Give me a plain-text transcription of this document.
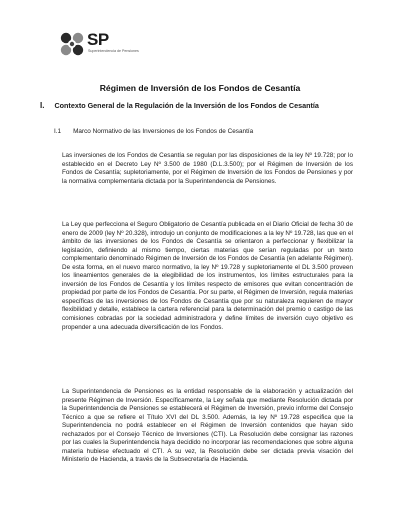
SP
Superintendencia de Pensiones
Régimen de Inversión de los Fondos de Cesantía
I. Contexto General de la Regulación de la Inversión de los Fondos de Cesantía
I.1 Marco Normativo de las Inversiones de los Fondos de Cesantía

Las inversiones de los Fondos de Cesantía se regulan por las disposiciones de la ley Nº 19.728; por lo establecido en el Decreto Ley Nº 3.500 de 1980 (D.L.3.500); por el Régimen de Inversión de los Fondos de Cesantía; supletoriamente, por el Régimen de Inversión de los Fondos de Pensiones y por la normativa complementaria dictada por la Superintendencia de Pensiones.

La Ley que perfecciona el Seguro Obligatorio de Cesantía publicada en el Diario Oficial de fecha 30 de enero de 2009 (ley Nº 20.328), introdujo un conjunto de modificaciones a la ley Nº 19.728, las que en el ámbito de las inversiones de los Fondos de Cesantía se orientaron a perfeccionar y flexibilizar la legislación, definiendo al mismo tiempo, ciertas materias que serían reguladas por un texto complementario denominado Régimen de Inversión de los Fondos de Cesantía (en adelante Régimen). De esta forma, en el nuevo marco normativo, la ley Nº 19.728 y supletoriamente el DL 3.500 proveen los lineamientos generales de la elegibilidad de los instrumentos, los límites estructurales para la inversión de los Fondos de Cesantía y los límites respecto de emisores que evitan concentración de propiedad por parte de los Fondos de Cesantía. Por su parte, el Régimen de Inversión, regula materias específicas de las inversiones de los Fondos de Cesantía que por su naturaleza requieren de mayor flexibilidad y detalle, establece la cartera referencial para la determinación del premio o castigo de las comisiones cobradas por la sociedad administradora y define límites de inversión cuyo objetivo es propender a una adecuada diversificación de los Fondos.

La Superintendencia de Pensiones es la entidad responsable de la elaboración y actualización del presente Régimen de Inversión. Específicamente, la Ley señala que mediante Resolución dictada por la Superintendencia de Pensiones se establecerá el Régimen de Inversión, previo informe del Consejo Técnico a que se refiere el Título XVI del DL 3.500. Además, la ley Nº 19.728 especifica que la Superintendencia no podrá establecer en el Régimen de Inversión contenidos que hayan sido rechazados por el Consejo Técnico de Inversiones (CTI). La Resolución debe consignar las razones por las cuales la Superintendencia haya decidido no incorporar las recomendaciones que sobre alguna materia hubiese efectuado el CTI. A su vez, la Resolución debe ser dictada previa visación del Ministerio de Hacienda, a través de la Subsecretaría de Hacienda.
